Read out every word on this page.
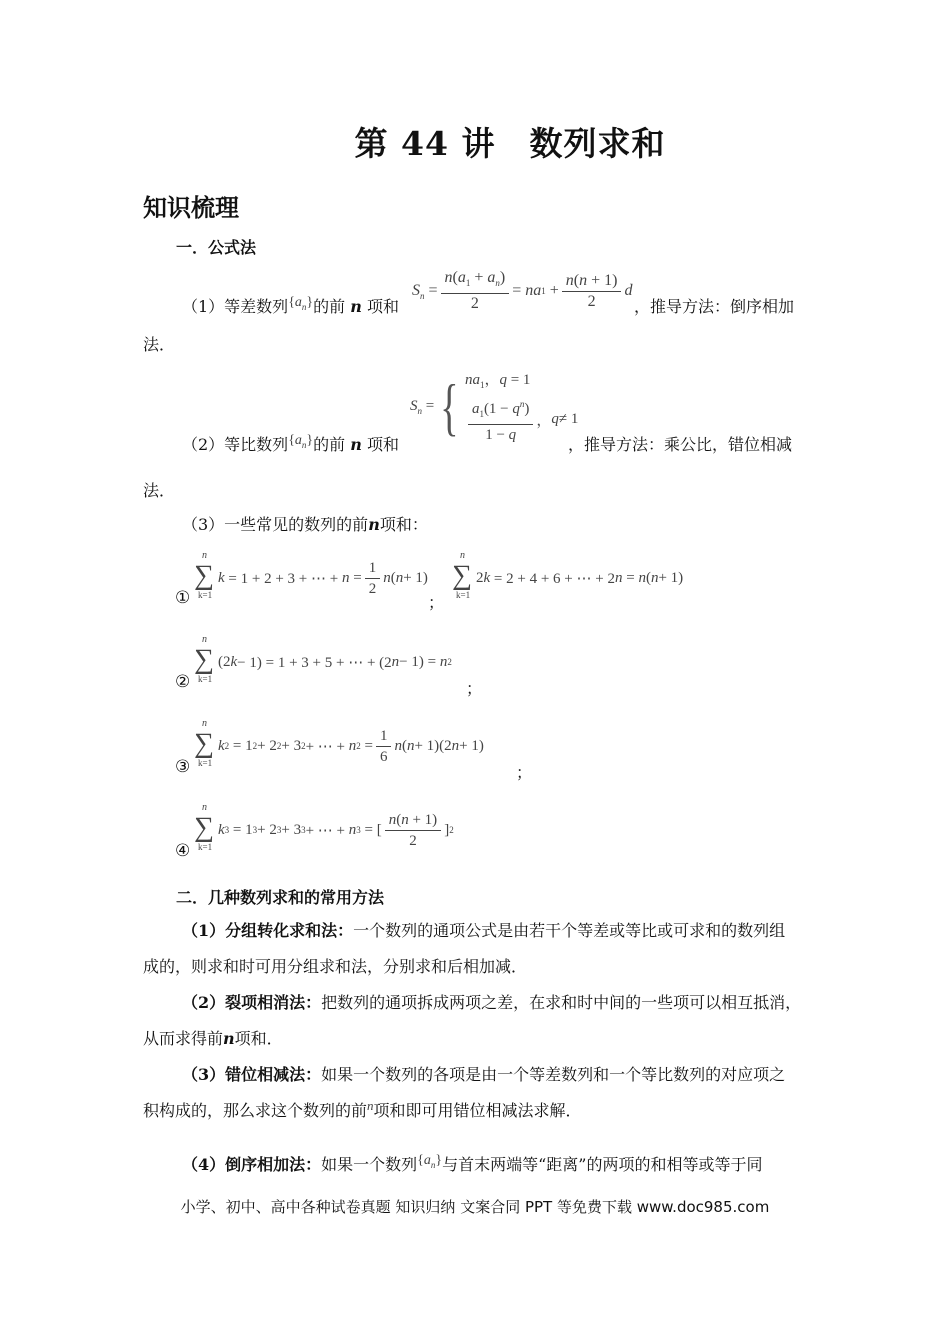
第 44 讲　数列求和
知识梳理
一．公式法
（1）等差数列$\{a_n\}$的前 n 项和
$S_n = \frac{n(a_1 + a_n)}{2}$ = na $1 + \frac{n(n + 1)}{2}$ d
，推导方法：倒序相加
法．
$S_n$ = { $na_1$，q = 1
$\frac{a_1(1 - q^n)}{1 - q}$ ， q ≠ 1
（2）等比数列$\{a_n\}$的前 n 项和	，推导方法：乘公比，错位相减
法．
（3）一些常见的数列的前n项和：
①
n
∑
k=1
k = 1 + 2 + 3 + ⋯ + $n = \frac{1}{2}$ n ( n + 1)
；
n
∑
k=1
2 k = 2 + 4 + 6 + ⋯ + 2 n = n ( n + 1)
②
n
∑
k=1
(2 k − 1) = 1 + 3 + 5 + ⋯ + (2 n − 1) = n 2
；
③
n
∑
k=1
k 2 = 1 2 + 2 2 + 3 2 + ⋯ + n $2 = \frac{1}{6}$ n ( n + 1)(2 n + 1)
；
④
n
∑
k=1
k 3 = 1 3 + 2 3 + 3 3 + ⋯ + n 3 = [ $\frac{n(n + 1)}{2}$ ] 2
二．几种数列求和的常用方法
（1）分组转化求和法：一个数列的通项公式是由若干个等差或等比或可求和的数列组
成的，则求和时可用分组求和法，分别求和后相加减．
（2）裂项相消法：把数列的通项拆成两项之差，在求和时中间的一些项可以相互抵消，
从而求得前n项和．
（3）错位相减法：如果一个数列的各项是由一个等差数列和一个等比数列的对应项之
积构成的，那么求这个数列的前$^n$项和即可用错位相减法求解．
（4）倒序相加法：如果一个数列$\{a_n\}$与首末两端等“距离”的两项的和相等或等于同
小学、初中、高中各种试卷真题 知识归纳 文案合同 PPT 等免费下载 www.doc985.com
